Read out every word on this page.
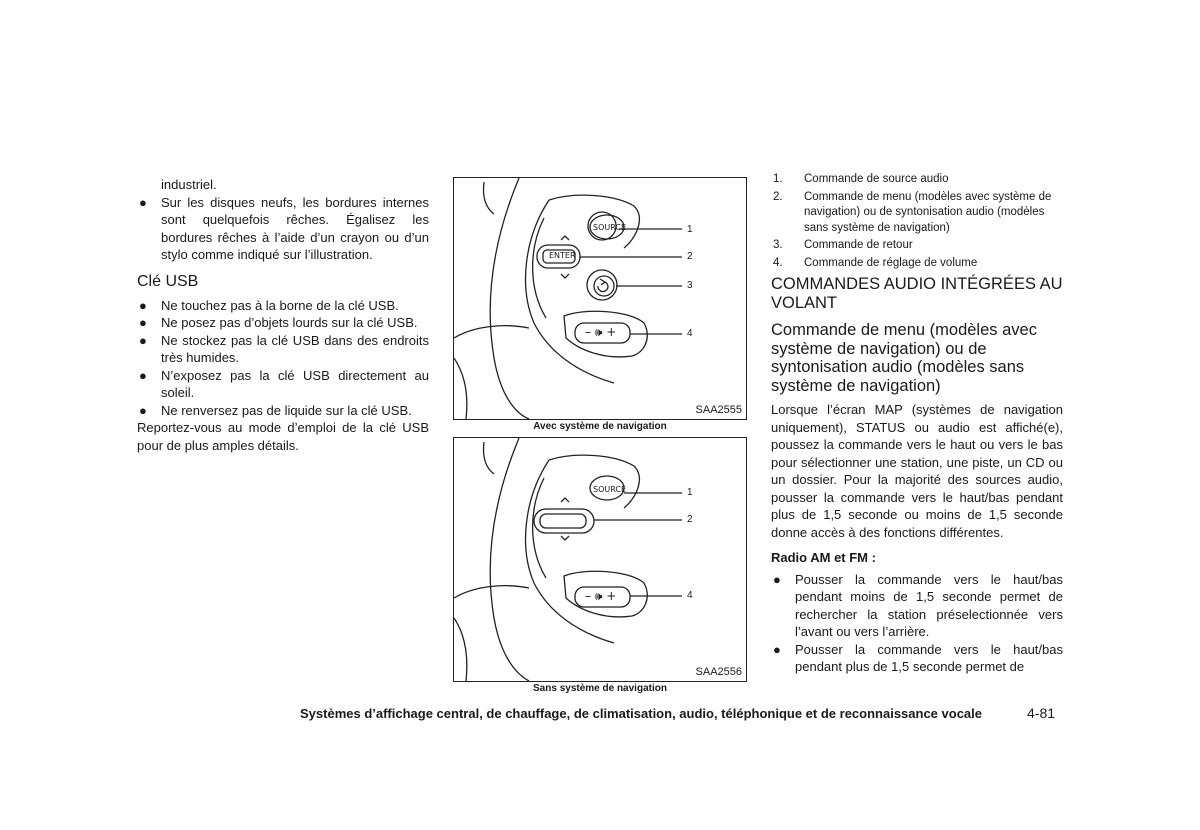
industriel.

● Sur les disques neufs, les bordures internes sont quelquefois rêches. Égalisez les bordures rêches à l’aide d’un crayon ou d’un stylo comme indiqué sur l’illustration.
Clé USB
● Ne touchez pas à la borne de la clé USB.
● Ne posez pas d’objets lourds sur la clé USB.
● Ne stockez pas la clé USB dans des endroits très humides.
● N’exposez pas la clé USB directement au soleil.
● Ne renversez pas de liquide sur la clé USB.

Reportez-vous au mode d’emploi de la clé USB pour de plus amples détails.

SOURCE
ENTER
– 🕪 +
1
2
3
4
SAA2555
Avec système de navigation
SOURCE
– 🕪 +
1
2
4
SAA2556
Sans système de navigation
1. Commande de source audio
2. Commande de menu (modèles avec système de navigation) ou de syntonisation audio (modèles sans système de navigation)
3. Commande de retour
4. Commande de réglage de volume
COMMANDES AUDIO INTÉGRÉES AU VOLANT
Commande de menu (modèles avec système de navigation) ou de syntonisation audio (modèles sans système de navigation)

Lorsque l’écran MAP (systèmes de navigation uniquement), STATUS ou audio est affiché(e), poussez la commande vers le haut ou vers le bas pour sélectionner une station, une piste, un CD ou un dossier. Pour la majorité des sources audio, pousser la commande vers le haut/bas pendant plus de 1,5 seconde ou moins de 1,5 seconde donne accès à des fonctions différentes.

Radio AM et FM :

● Pousser la commande vers le haut/bas pendant moins de 1,5 seconde permet de rechercher la station préselectionnée vers l’avant ou vers l’arrière.
● Pousser la commande vers le haut/bas pendant plus de 1,5 seconde permet de
Systèmes d’affichage central, de chauffage, de climatisation, audio, téléphonique et de reconnaissance vocale	4-81
